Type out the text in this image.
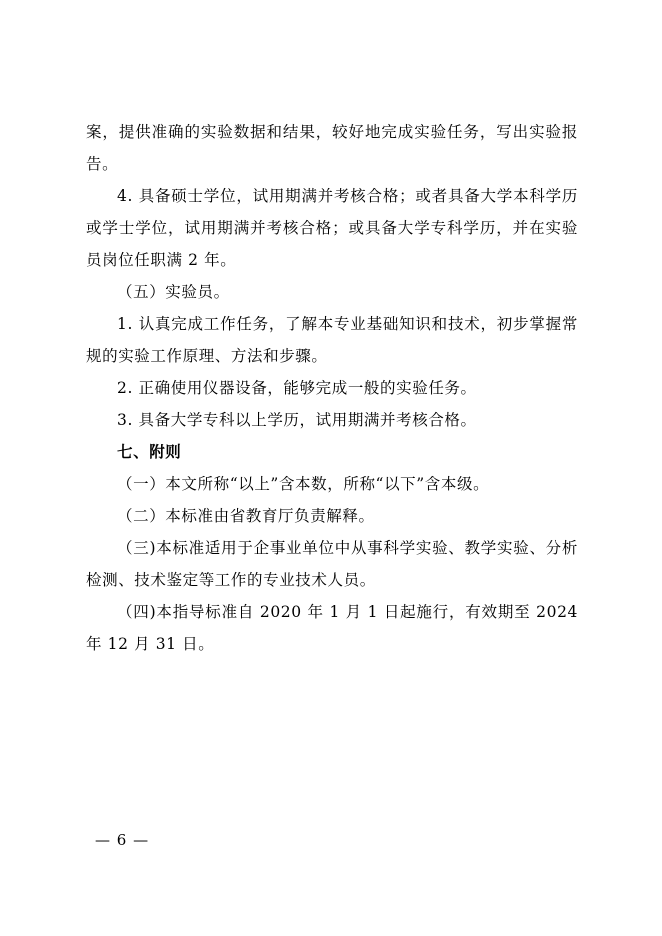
案，提供准确的实验数据和结果，较好地完成实验任务，写出实验报告。

4. 具备硕士学位，试用期满并考核合格；或者具备大学本科学历或学士学位，试用期满并考核合格；或具备大学专科学历，并在实验员岗位任职满 2 年。

（五）实验员。

1. 认真完成工作任务，了解本专业基础知识和技术，初步掌握常规的实验工作原理、方法和步骤。

2. 正确使用仪器设备，能够完成一般的实验任务。

3. 具备大学专科以上学历，试用期满并考核合格。

七、附则

（一）本文所称“以上”含本数，所称“以下”含本级。

（二）本标准由省教育厅负责解释。

（三)本标准适用于企事业单位中从事科学实验、教学实验、分析检测、技术鉴定等工作的专业技术人员。

（四)本指导标准自 2020 年 1 月 1 日起施行，有效期至 2024 年 12 月 31 日。

— 6 —
